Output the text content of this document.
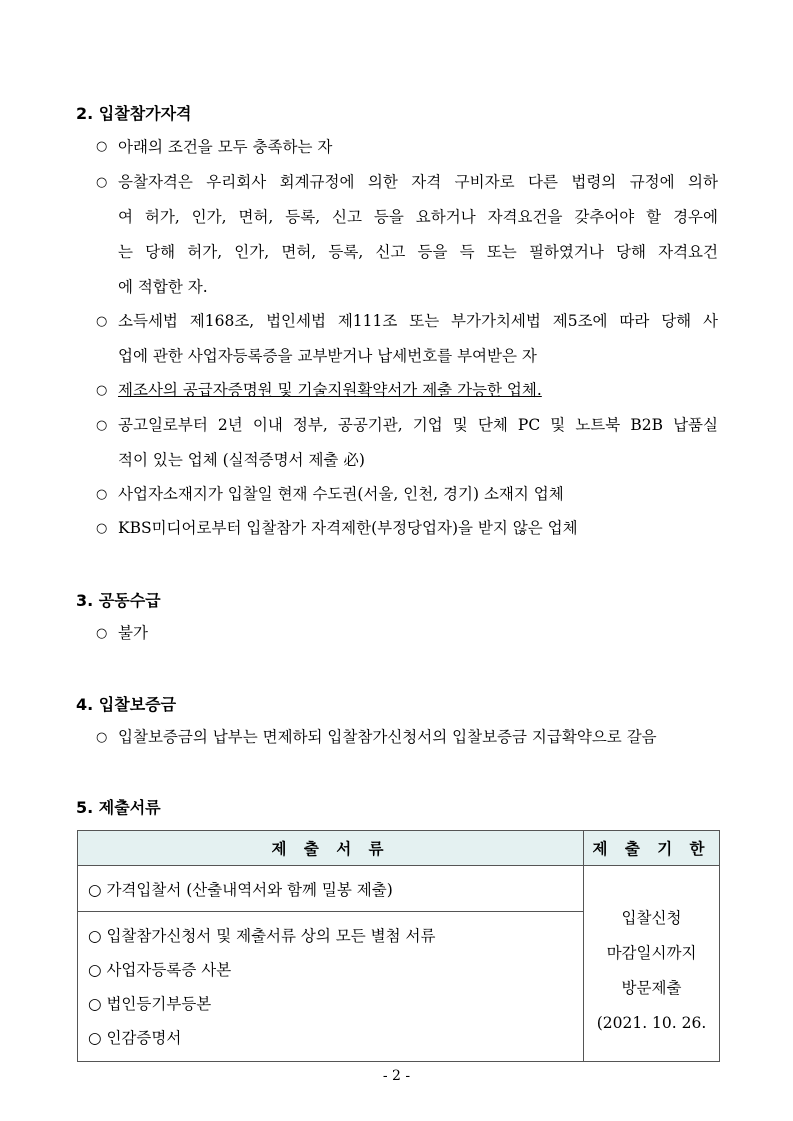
2. 입찰참가자격
○ 아래의 조건을 모두 충족하는 자
○ 응찰자격은 우리회사 회계규정에 의한 자격 구비자로 다른 법령의 규정에 의하
여 허가, 인가, 면허, 등록, 신고 등을 요하거나 자격요건을 갖추어야 할 경우에
는 당해 허가, 인가, 면허, 등록, 신고 등을 득 또는 필하였거나 당해 자격요건
에 적합한 자.
○ 소득세법 제168조, 법인세법 제111조 또는 부가가치세법 제5조에 따라 당해 사
업에 관한 사업자등록증을 교부받거나 납세번호를 부여받은 자
○ 제조사의 공급자증명원 및 기술지원확약서가 제출 가능한 업체.
○ 공고일로부터 2년 이내 정부, 공공기관, 기업 및 단체 PC 및 노트북 B2B 납품실
적이 있는 업체 (실적증명서 제출 必)
○ 사업자소재지가 입찰일 현재 수도권(서울, 인천, 경기) 소재지 업체
○ KBS미디어로부터 입찰참가 자격제한(부정당업자)을 받지 않은 업체
3. 공동수급
○ 불가
4. 입찰보증금
○ 입찰보증금의 납부는 면제하되 입찰참가신청서의 입찰보증금 지급확약으로 갈음
5. 제출서류
제 출 서 류	제 출 기 한
○ 가격입찰서 (산출내역서와 함께 밀봉 제출)	입찰신청
마감일시까지
방문제출
(2021. 10. 26.

○ 입찰참가신청서 및 제출서류 상의 모든 별첨 서류
○ 사업자등록증 사본
○ 법인등기부등본
○ 인감증명서	
- 2 -
